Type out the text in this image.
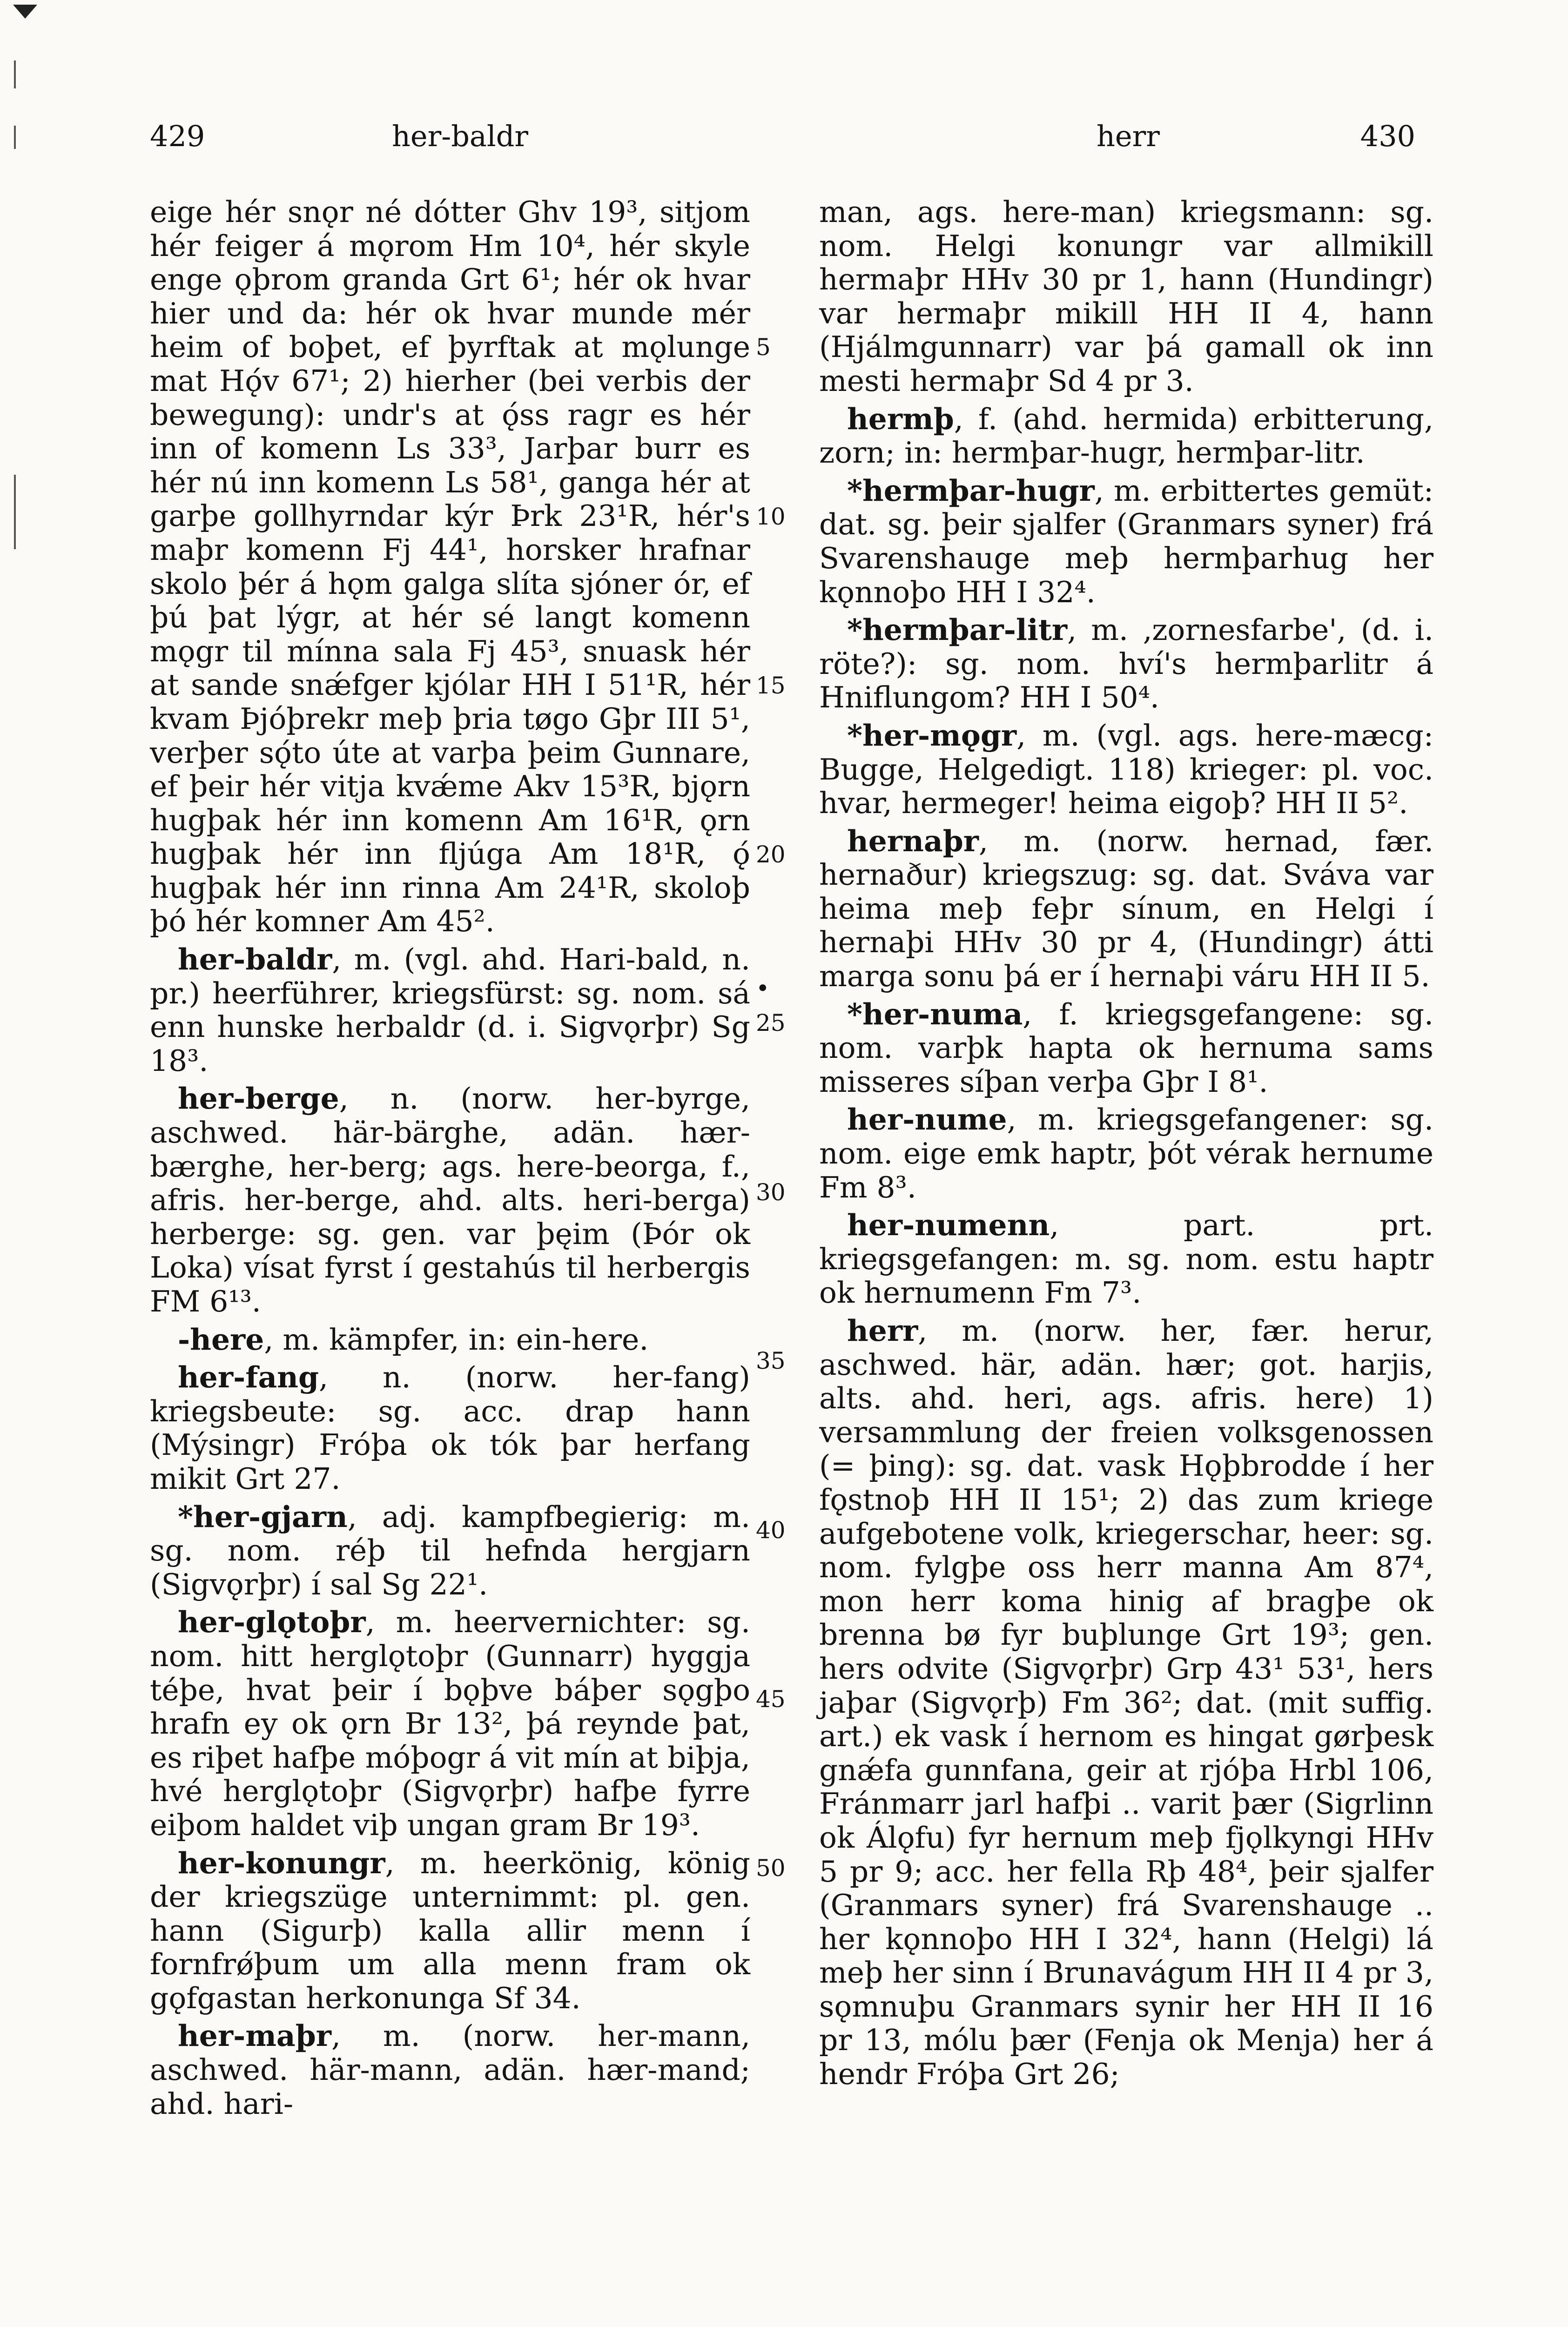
429	her-baldr	herr	430

eige hér snǫr né dótter Ghv 19³, sitjom hér feiger á mǫrom Hm 10⁴, hér skyle enge ǫþrom granda Grt 6¹; hér ok hvar hier und da: hér ok hvar munde mér heim of boþet, ef þyrftak at mǫlunge mat Hǫ́v 67¹; 2) hierher (bei verbis der bewegung): undr's at ǫ́ss ragr es hér inn of komenn Ls 33³, Jarþar burr es hér nú inn komenn Ls 58¹, ganga hér at garþe gollhyrndar kýr Þrk 23¹R, hér's maþr komenn Fj 44¹, horsker hrafnar skolo þér á hǫm galga slíta sjóner ór, ef þú þat lýgr, at hér sé langt komenn mǫgr til mínna sala Fj 45³, snuask hér at sande snǽfger kjólar HH I 51¹R, hér kvam Þjóþrekr meþ þria tøgo Gþr III 5¹, verþer sǫ́to úte at varþa þeim Gunnare, ef þeir hér vitja kvǽme Akv 15³R, bjǫrn hugþak hér inn komenn Am 16¹R, ǫrn hugþak hér inn fljúga Am 18¹R, ǫ́ hugþak hér inn rinna Am 24¹R, skoloþ þó hér komner Am 45².

her-baldr, m. (vgl. ahd. Hari-bald, n. pr.) heerführer, kriegsfürst: sg. nom. sá enn hunske herbaldr (d. i. Sigvǫrþr) Sg 18³.

her-berge, n. (norw. her-byrge, aschwed. här-bärghe, adän. hær-bærghe, her-berg; ags. here-beorga, f., afris. her-berge, ahd. alts. heri-berga) herberge: sg. gen. var þęim (Þór ok Loka) vísat fyrst í gestahús til herbergis FM 6¹³.

-here, m. kämpfer, in: ein-here.

her-fang, n. (norw. her-fang) kriegsbeute: sg. acc. drap hann (Mýsingr) Fróþa ok tók þar herfang mikit Grt 27.

*her-gjarn, adj. kampfbegierig: m. sg. nom. réþ til hefnda hergjarn (Sigvǫrþr) í sal Sg 22¹.

her-glǫtoþr, m. heervernichter: sg. nom. hitt herglǫtoþr (Gunnarr) hyggja téþe, hvat þeir í bǫþve báþer sǫgþo hrafn ey ok ǫrn Br 13², þá reynde þat, es riþet hafþe móþogr á vit mín at biþja, hvé herglǫtoþr (Sigvǫrþr) hafþe fyrre eiþom haldet viþ ungan gram Br 19³.

her-konungr, m. heerkönig, könig der kriegszüge unternimmt: pl. gen. hann (Sigurþ) kalla allir menn í fornfrǿþum um alla menn fram ok gǫfgastan herkonunga Sf 34.

her-maþr, m. (norw. her-mann, aschwed. här-mann, adän. hær-mand; ahd. hari-

5
10
15
20
•
25
30
35
40
45
50

man, ags. here-man) kriegsmann: sg. nom. Helgi konungr var allmikill hermaþr HHv 30 pr 1, hann (Hundingr) var hermaþr mikill HH II 4, hann (Hjálmgunnarr) var þá gamall ok inn mesti hermaþr Sd 4 pr 3.

hermþ, f. (ahd. hermida) erbitterung, zorn; in: hermþar-hugr, hermþar-litr.

*hermþar-hugr, m. erbittertes gemüt: dat. sg. þeir sjalfer (Granmars syner) frá Svarenshauge meþ hermþarhug her kǫnnoþo HH I 32⁴.

*hermþar-litr, m. ‚zornesfarbe', (d. i. röte?): sg. nom. hví's hermþarlitr á Hniflungom? HH I 50⁴.

*her-mǫgr, m. (vgl. ags. here-mæcg: Bugge, Helgedigt. 118) krieger: pl. voc. hvar, hermeger! heima eigoþ? HH II 5².

hernaþr, m. (norw. hernad, fær. hernaður) kriegszug: sg. dat. Sváva var heima meþ feþr sínum, en Helgi í hernaþi HHv 30 pr 4, (Hundingr) átti marga sonu þá er í hernaþi váru HH II 5.

*her-numa, f. kriegsgefangene: sg. nom. varþk hapta ok hernuma sams misseres síþan verþa Gþr I 8¹.

her-nume, m. kriegsgefangener: sg. nom. eige emk haptr, þót vérak hernume Fm 8³.

her-numenn, part. prt. kriegsgefangen: m. sg. nom. estu haptr ok hernumenn Fm 7³.

herr, m. (norw. her, fær. herur, aschwed. här, adän. hær; got. harjis, alts. ahd. heri, ags. afris. here) 1) versammlung der freien volksgenossen (= þing): sg. dat. vask Hǫþbrodde í her fǫstnoþ HH II 15¹; 2) das zum kriege aufgebotene volk, kriegerschar, heer: sg. nom. fylgþe oss herr manna Am 87⁴, mon herr koma hinig af bragþe ok brenna bø fyr buþlunge Grt 19³; gen. hers odvite (Sigvǫrþr) Grp 43¹ 53¹, hers jaþar (Sigvǫrþ) Fm 36²; dat. (mit suffig. art.) ek vask í hernom es hingat gørþesk gnǽfa gunnfana, geir at rjóþa Hrbl 106, Fránmarr jarl hafþi .. varit þær (Sigrlinn ok Álǫfu) fyr hernum meþ fjǫlkyngi HHv 5 pr 9; acc. her fella Rþ 48⁴, þeir sjalfer (Granmars syner) frá Svarenshauge .. her kǫnnoþo HH I 32⁴, hann (Helgi) lá meþ her sinn í Brunavágum HH II 4 pr 3, sǫmnuþu Granmars synir her HH II 16 pr 13, mólu þær (Fenja ok Menja) her á hendr Fróþa Grt 26;
